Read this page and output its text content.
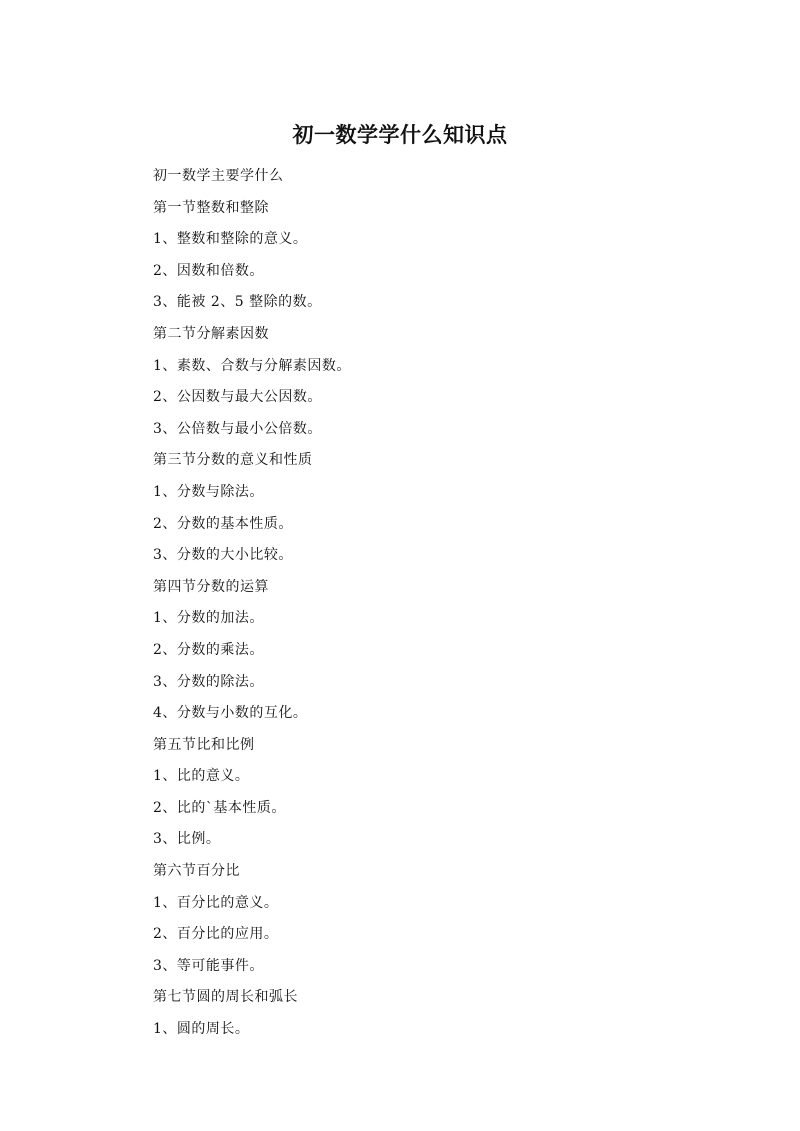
初一数学学什么知识点
初一数学主要学什么
第一节整数和整除
1、整数和整除的意义。
2、因数和倍数。
3、能被 2、5 整除的数。
第二节分解素因数
1、素数、合数与分解素因数。
2、公因数与最大公因数。
3、公倍数与最小公倍数。
第三节分数的意义和性质
1、分数与除法。
2、分数的基本性质。
3、分数的大小比较。
第四节分数的运算
1、分数的加法。
2、分数的乘法。
3、分数的除法。
4、分数与小数的互化。
第五节比和比例
1、比的意义。
2、比的`基本性质。
3、比例。
第六节百分比
1、百分比的意义。
2、百分比的应用。
3、等可能事件。
第七节圆的周长和弧长
1、圆的周长。
